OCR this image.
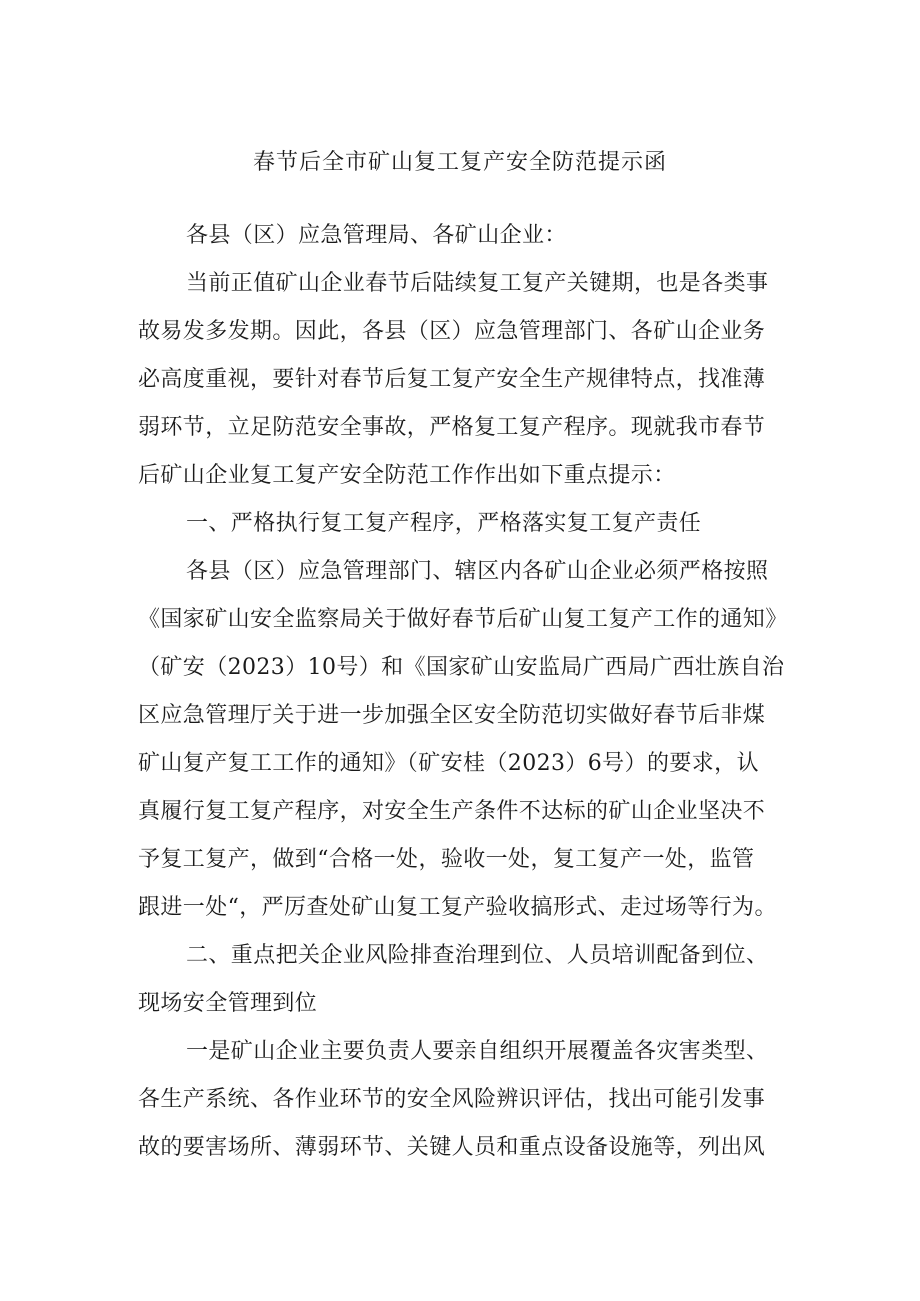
春节后全市矿山复工复产安全防范提示函

各县（区）应急管理局、各矿山企业：

当前正值矿山企业春节后陆续复工复产关键期，也是各类事

故易发多发期。因此，各县（区）应急管理部门、各矿山企业务

必高度重视，要针对春节后复工复产安全生产规律特点，找准薄

弱环节，立足防范安全事故，严格复工复产程序。现就我市春节

后矿山企业复工复产安全防范工作作出如下重点提示：

一、严格执行复工复产程序，严格落实复工复产责任

各县（区）应急管理部门、辖区内各矿山企业必须严格按照

《国家矿山安全监察局关于做好春节后矿山复工复产工作的通知》

（矿安（2023）10号）和《国家矿山安监局广西局广西壮族自治

区应急管理厅关于进一步加强全区安全防范切实做好春节后非煤

矿山复产复工工作的通知》（矿安桂（2023）6号）的要求，认

真履行复工复产程序，对安全生产条件不达标的矿山企业坚决不

予复工复产，做到“合格一处，验收一处，复工复产一处，监管

跟进一处“，严厉查处矿山复工复产验收搞形式、走过场等行为。

二、重点把关企业风险排查治理到位、人员培训配备到位、

现场安全管理到位

一是矿山企业主要负责人要亲自组织开展覆盖各灾害类型、

各生产系统、各作业环节的安全风险辨识评估，找出可能引发事

故的要害场所、薄弱环节、关键人员和重点设备设施等，列出风
